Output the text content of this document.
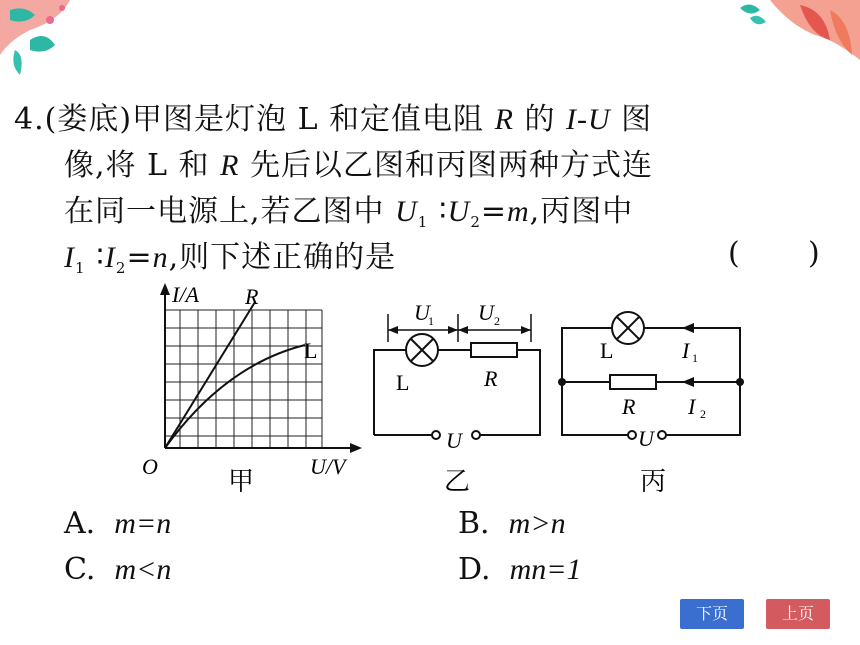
4.(娄底)甲图是灯泡 L 和定值电阻 R 的 I-U 图
像,将 L 和 R 先后以乙图和丙图两种方式连
在同一电源上,若乙图中 $U_1$ $∶U_2=m$,丙图中
$I_1$ $∶I_2=n$,则下述正确的是	( )
I/A R
L
O	U/V
甲
U
1 U 2
L	R
U
乙
L	I 1
R I 2
U
丙
A. m=n	B. m>n
C. m<n	D. mn=1
下页	上页
